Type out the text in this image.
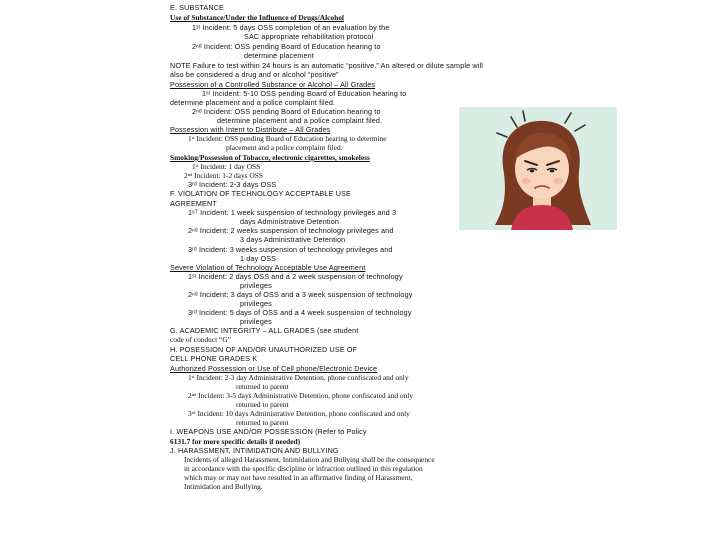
E. SUBSTANCE
Use of Substance/Under the Influence of Drugs/Alcohol
1ˢᵗ Incident: 5 days OSS completion of an evaluation by the
SAC appropriate rehabilitation protocol
2ⁿᵈ Incident: OSS pending Board of Education hearing to
determine placement
NOTE Failure to test within 24 hours is an automatic “positive.” An altered or dilute sample will
also be considered a drug and or alcohol “positive”
Possession of a Controlled Substance or Alcohol – All Grades
1ˢᵗ Incident: 5-10 OSS pending Board of Education hearing to
determine placement and a police complaint filed.
2ⁿᵈ Incident: OSS pending Board of Education hearing to
determine placement and a police complaint filed.
Possession with Intent to Distribute – All Grades
1ˢᵗ Incident: OSS pending Board of Education hearing to determine
placement and a police complaint filed.
Smoking/Possession of Tobacco, electronic cigarettes, smokeless
1ˢᵗ Incident: 1 day OSS
2ⁿᵈ Incident: 1-2 days OSS
3ʳᵈ Incident: 2-3 days OSS
F. VIOLATION OF TECHNOLOGY ACCEPTABLE USE
AGREEMENT
1ˢᵀ Incident: 1 week suspension of technology privileges and 3
days Administrative Detention
2ⁿᵈ Incident: 2 weeks suspension of technology privileges and
3 days Administrative Detention
3ʳᵈ Incident: 3 weeks suspension of technology privileges and
1 day OSS
Severe Violation of Technology Acceptable Use Agreement
1ˢᵗ Incident: 2 days OSS and a 2 week suspension of technology
privileges
2ⁿᵈ Incident: 3 days of OSS and a 3 week suspension of technology
privileges
3ʳᵈ Incident: 5 days of OSS and a 4 week suspension of technology
privileges
G. ACADEMIC INTEGRITY – ALL GRADES (see student
code of conduct “G”
H. POSESSION OF AND/OR UNAUTHORIZED USE OF
CELL PHONE GRADES K
Authorized Possession or Use of Cell phone/Electronic Device
1ˢᵗ Incident: 2-3 day Administrative Detention, phone confiscated and only
returned to parent
2ⁿᵈ Incident: 3-5 days Administrative Detention, phone confiscated and only
returned to parent
3ʳᵈ Incident: 10 days Administrative Detention, phone confiscated and only
returned to parent
I. WEAPONS USE AND/OR POSSESSION (Refer to Policy
6131.7 for more specific details if needed)
J. HARASSMENT, INTIMIDATION AND BULLYING
Incidents of alleged Harassment, Intimidation and Bullying shall be the consequence
in accordance with the specific discipline or infraction outlined in this regulation
which may or may not have resulted in an affirmative finding of Harassment,
Intimidation and Bullying.
